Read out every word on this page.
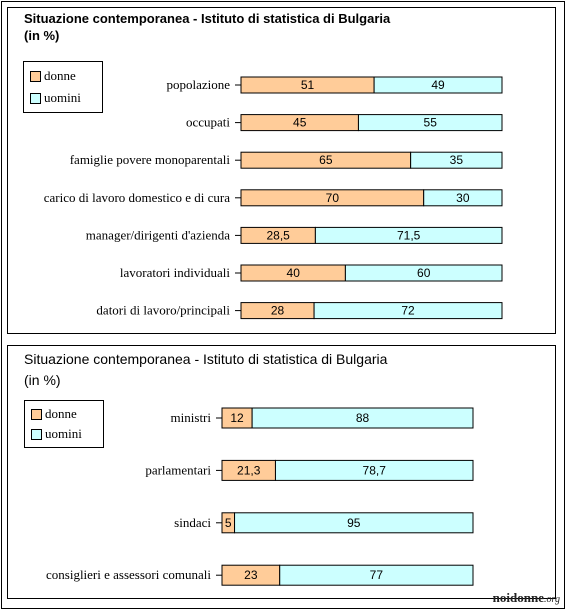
Situazione contemporanea - Istituto di statistica di Bulgaria
(in %)
donne
uomini
popolazione	51	49
occupati	45	55
famiglie povere monoparentali	65	35
carico di lavoro domestico e di cura	70	30
manager/dirigenti d'azienda	28,5	71,5
lavoratori individuali	40	60
datori di lavoro/principali	28	72
Situazione contemporanea - Istituto di statistica di Bulgaria
(in %)
donne
uomini
ministri 12	88
parlamentari 21,3	78,7
sindaci 5	95
consiglieri e assessori comunali	23	77
noidonne.org
